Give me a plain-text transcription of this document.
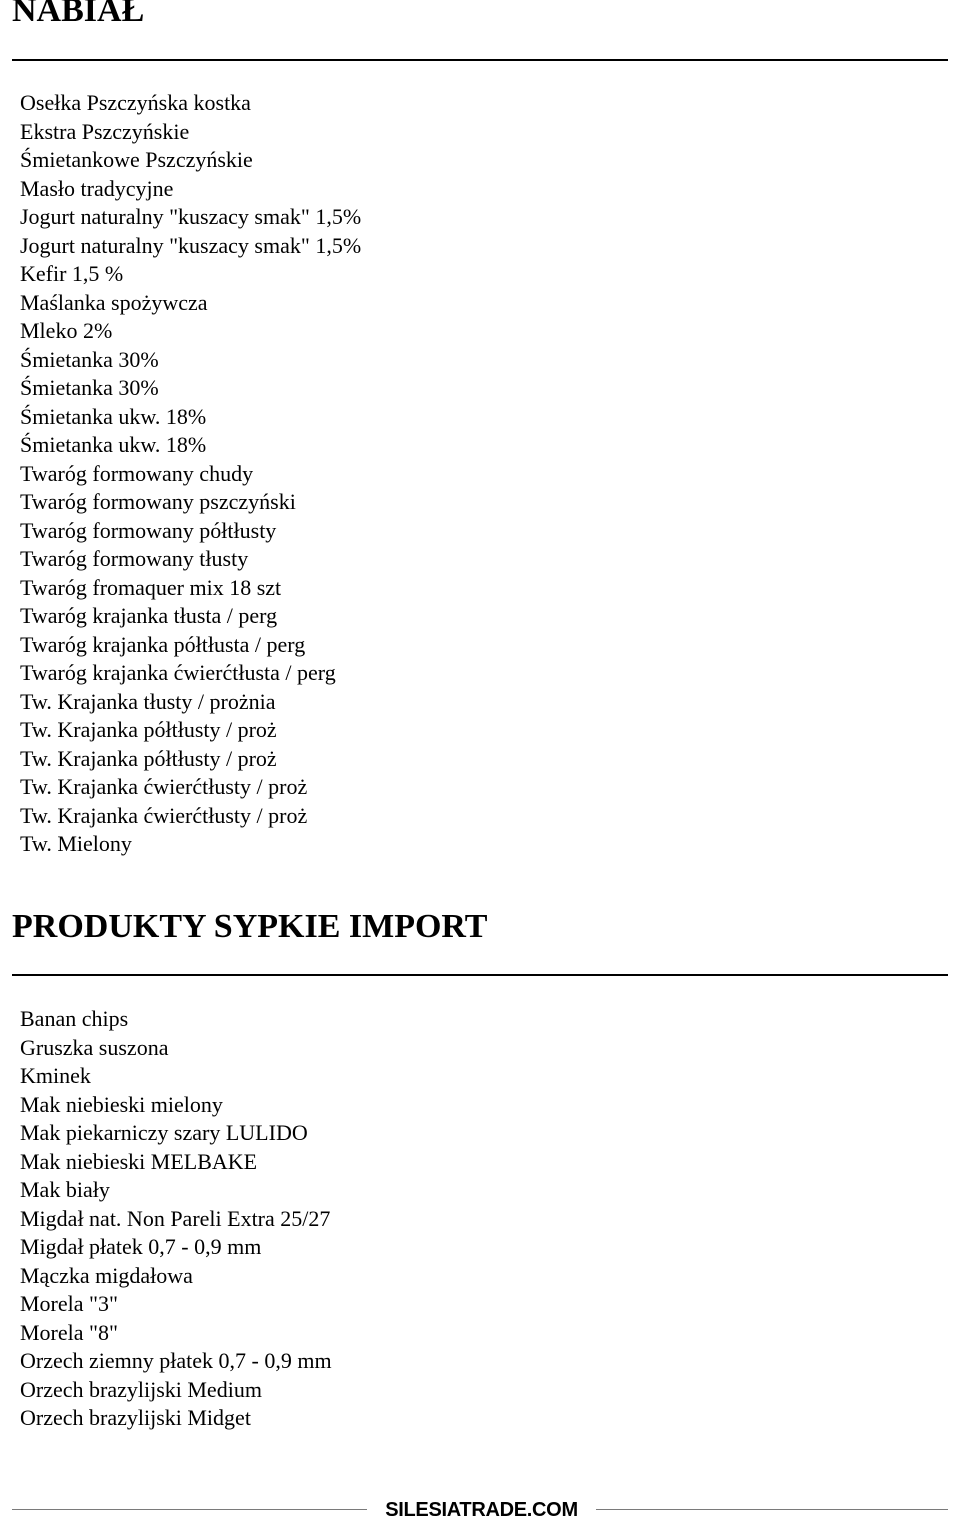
NABIAŁ
Osełka Pszczyńska kostka
Ekstra Pszczyńskie
Śmietankowe Pszczyńskie
Masło tradycyjne
Jogurt naturalny "kuszacy smak" 1,5%
Jogurt naturalny "kuszacy smak" 1,5%
Kefir 1,5 %
Maślanka spożywcza
Mleko 2%
Śmietanka 30%
Śmietanka 30%
Śmietanka ukw. 18%
Śmietanka ukw. 18%
Twaróg formowany chudy
Twaróg formowany pszczyński
Twaróg formowany półtłusty
Twaróg formowany tłusty
Twaróg fromaquer mix 18 szt
Twaróg krajanka tłusta / perg
Twaróg krajanka półtłusta / perg
Twaróg krajanka ćwierćtłusta / perg
Tw. Krajanka tłusty / prożnia
Tw. Krajanka półtłusty / proż
Tw. Krajanka półtłusty / proż
Tw. Krajanka ćwierćtłusty / proż
Tw. Krajanka ćwierćtłusty / proż
Tw. Mielony
PRODUKTY SYPKIE IMPORT
Banan chips
Gruszka suszona
Kminek
Mak niebieski mielony
Mak piekarniczy szary LULIDO
Mak niebieski MELBAKE
Mak biały
Migdał nat. Non Pareli Extra 25/27
Migdał płatek 0,7 - 0,9 mm
Mączka migdałowa
Morela "3"
Morela "8"
Orzech ziemny płatek 0,7 - 0,9 mm
Orzech brazylijski Medium
Orzech brazylijski Midget
SILESIATRADE.COM
